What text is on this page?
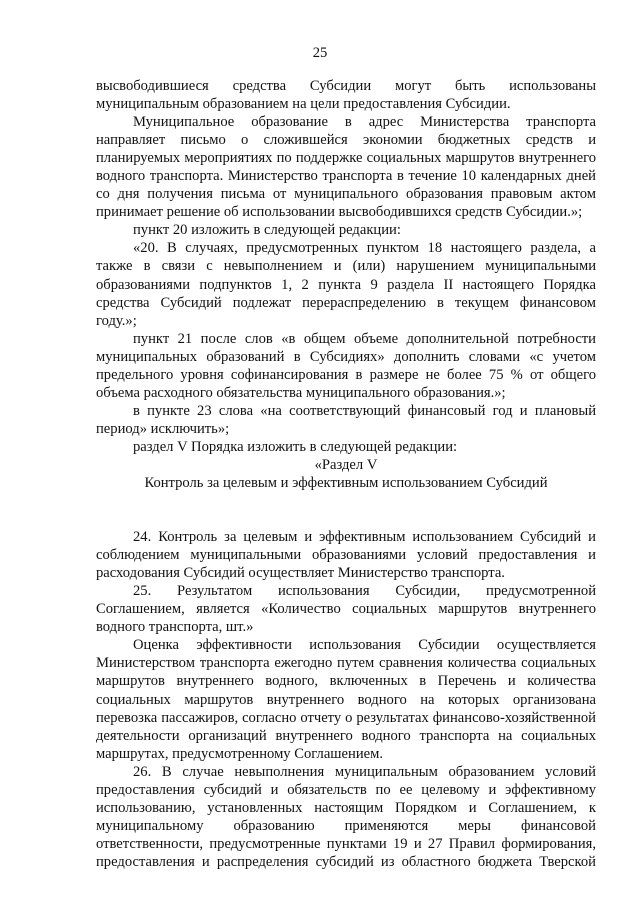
25

высвободившиеся средства Субсидии могут быть использованы муниципальным образованием на цели предоставления Субсидии.

Муниципальное образование в адрес Министерства транспорта направляет письмо о сложившейся экономии бюджетных средств и планируемых мероприятиях по поддержке социальных маршрутов внутреннего водного транспорта. Министерство транспорта в течение 10 календарных дней со дня получения письма от муниципального образования правовым актом принимает решение об использовании высвободившихся средств Субсидии.»;

пункт 20 изложить в следующей редакции:

«20. В случаях, предусмотренных пунктом 18 настоящего раздела, а также в связи с невыполнением и (или) нарушением муниципальными образованиями подпунктов 1, 2 пункта 9 раздела II настоящего Порядка средства Субсидий подлежат перераспределению в текущем финансовом году.»;

пункт 21 после слов «в общем объеме дополнительной потребности муниципальных образований в Субсидиях» дополнить словами «с учетом предельного уровня софинансирования в размере не более 75 % от общего объема расходного обязательства муниципального образования.»;

в пункте 23 слова «на соответствующий финансовый год и плановый период» исключить»;

раздел V Порядка изложить в следующей редакции:

«Раздел V

Контроль за целевым и эффективным использованием Субсидий

24. Контроль за целевым и эффективным использованием Субсидий и соблюдением муниципальными образованиями условий предоставления и расходования Субсидий осуществляет Министерство транспорта.

25. Результатом использования Субсидии, предусмотренной Соглашением, является «Количество социальных маршрутов внутреннего водного транспорта, шт.»

Оценка эффективности использования Субсидии осуществляется Министерством транспорта ежегодно путем сравнения количества социальных маршрутов внутреннего водного, включенных в Перечень и количества социальных маршрутов внутреннего водного на которых организована перевозка пассажиров, согласно отчету о результатах финансово-хозяйственной деятельности организаций внутреннего водного транспорта на социальных маршрутах, предусмотренному Соглашением.

26. В случае невыполнения муниципальным образованием условий предоставления субсидий и обязательств по ее целевому и эффективному использованию, установленных настоящим Порядком и Соглашением, к муниципальному образованию применяются меры финансовой ответственности, предусмотренные пунктами 19 и 27 Правил формирования, предоставления и распределения субсидий из областного бюджета Тверской
